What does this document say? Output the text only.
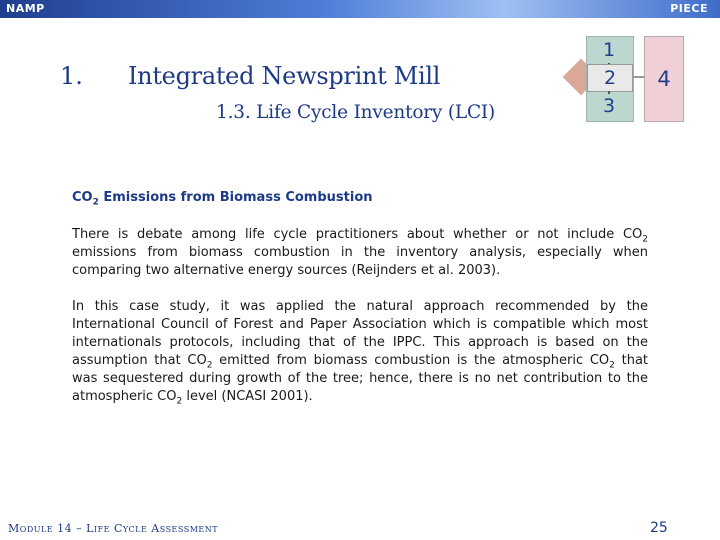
NAMP	PIECE
1. Integrated Newsprint Mill
1.3. Life Cycle Inventory (LCI)
1
2
3
4
$CO_2$ Emissions from Biomass Combustion
There is debate among life cycle practitioners about whether or not include $CO_2$ emissions from biomass combustion in the inventory analysis, especially when comparing two alternative energy sources (Reijnders et al. 2003).
In this case study, it was applied the natural approach recommended by the International Council of Forest and Paper Association which is compatible which most internationals protocols, including that of the IPPC. This approach is based on the assumption that $CO_2$ emitted from biomass combustion is the atmospheric $CO_2$ that was sequestered during growth of the tree; hence, there is no net contribution to the atmospheric $CO_2$ level (NCASI 2001).
Module 14 – Life Cycle Assessment	25
